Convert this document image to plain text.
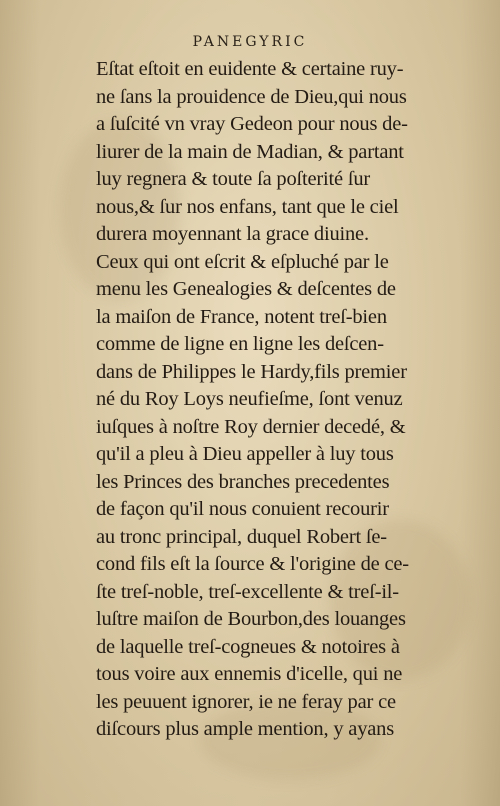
PANEGYRIC
Eſtat eſtoit en euidente & certaine ruy-
ne ſans la prouidence de Dieu,qui nous
a ſuſcité vn vray Gedeon pour nous de-
liurer de la main de Madian, & partant
luy regnera & toute ſa poſterité ſur
nous,& ſur nos enfans, tant que le ciel
durera moyennant la grace diuine.
Ceux qui ont eſcrit & eſpluché par le
menu les Genealogies & deſcentes de
la maiſon de France, notent treſ-bien
comme de ligne en ligne les deſcen-
dans de Philippes le Hardy,fils premier
né du Roy Loys neufieſme, ſont venuz
iuſques à noſtre Roy dernier decedé, &
qu'il a pleu à Dieu appeller à luy tous
les Princes des branches precedentes
de façon qu'il nous conuient recourir
au tronc principal, duquel Robert ſe-
cond fils eſt la ſource & l'origine de ce-
ſte treſ-noble, treſ-excellente & treſ-il-
luſtre maiſon de Bourbon,des louanges
de laquelle treſ-cogneues & notoires à
tous voire aux ennemis d'icelle, qui ne
les peuuent ignorer, ie ne feray par ce
diſcours plus ample mention, y ayans
